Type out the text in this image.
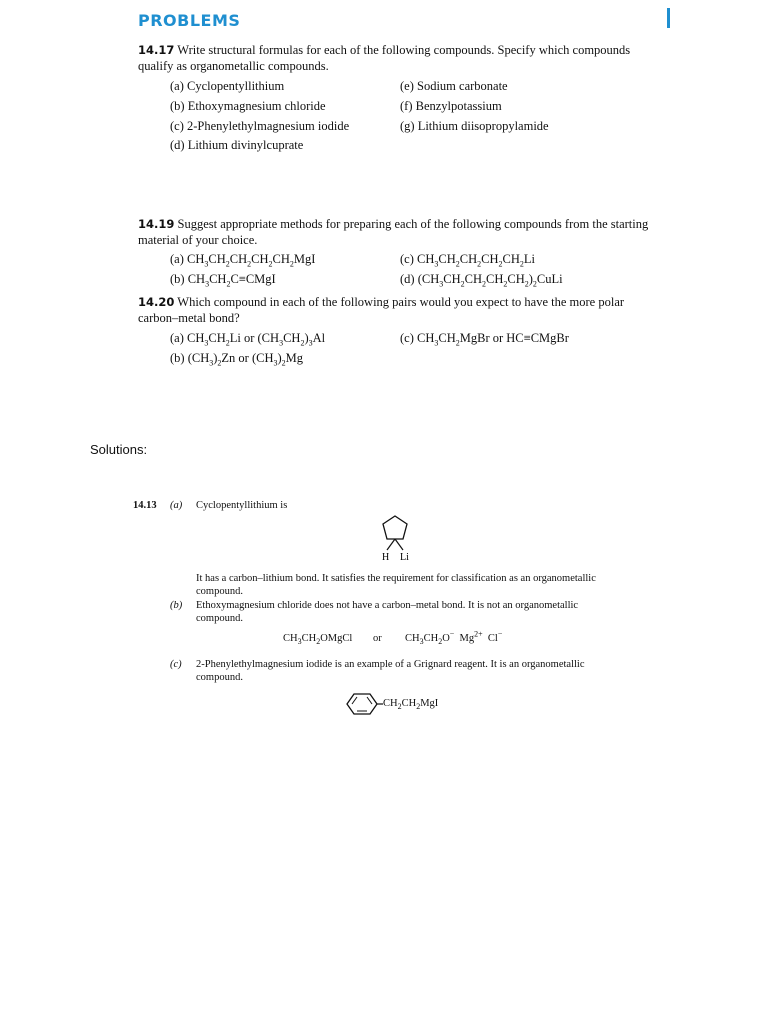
PROBLEMS
14.17 Write structural formulas for each of the following compounds. Specify which compounds qualify as organometallic compounds.
(a) Cyclopentyllithium
(b) Ethoxymagnesium chloride
(c) 2-Phenylethylmagnesium iodide
(d) Lithium divinylcuprate
(e) Sodium carbonate
(f) Benzylpotassium
(g) Lithium diisopropylamide
14.19 Suggest appropriate methods for preparing each of the following compounds from the starting material of your choice.
(a) $CH_3CH_2CH_2CH_2CH_2MgI$
(b) $CH_3CH_2C\equiv CMgI$
(c) $CH_3CH_2CH_2CH_2CH_2Li$
(d) $(CH_3CH_2CH_2CH_2CH_2)_2CuLi$
14.20 Which compound in each of the following pairs would you expect to have the more polar carbon–metal bond?
(a) $CH_3CH_2Li$ or $(CH_3CH_2)_3Al$
(b) $(CH_3)_2Zn$ or $(CH_3)_2Mg$
(c) $CH_3CH_2MgBr$ or HC≡CMgBr
Solutions:
14.13 (a) Cyclopentyllithium is
H Li
It has a carbon–lithium bond. It satisfies the requirement for classification as an organometallic compound.
(b) Ethoxymagnesium chloride does not have a carbon–metal bond. It is not an organometallic compound.
$CH_3CH_2OMgCl$ or $CH_3CH_2O^-$  $Mg^{2+}$  Cl−
(c) 2-Phenylethylmagnesium iodide is an example of a Grignard reagent. It is an organometallic compound.
$CH_2CH_2MgI$
